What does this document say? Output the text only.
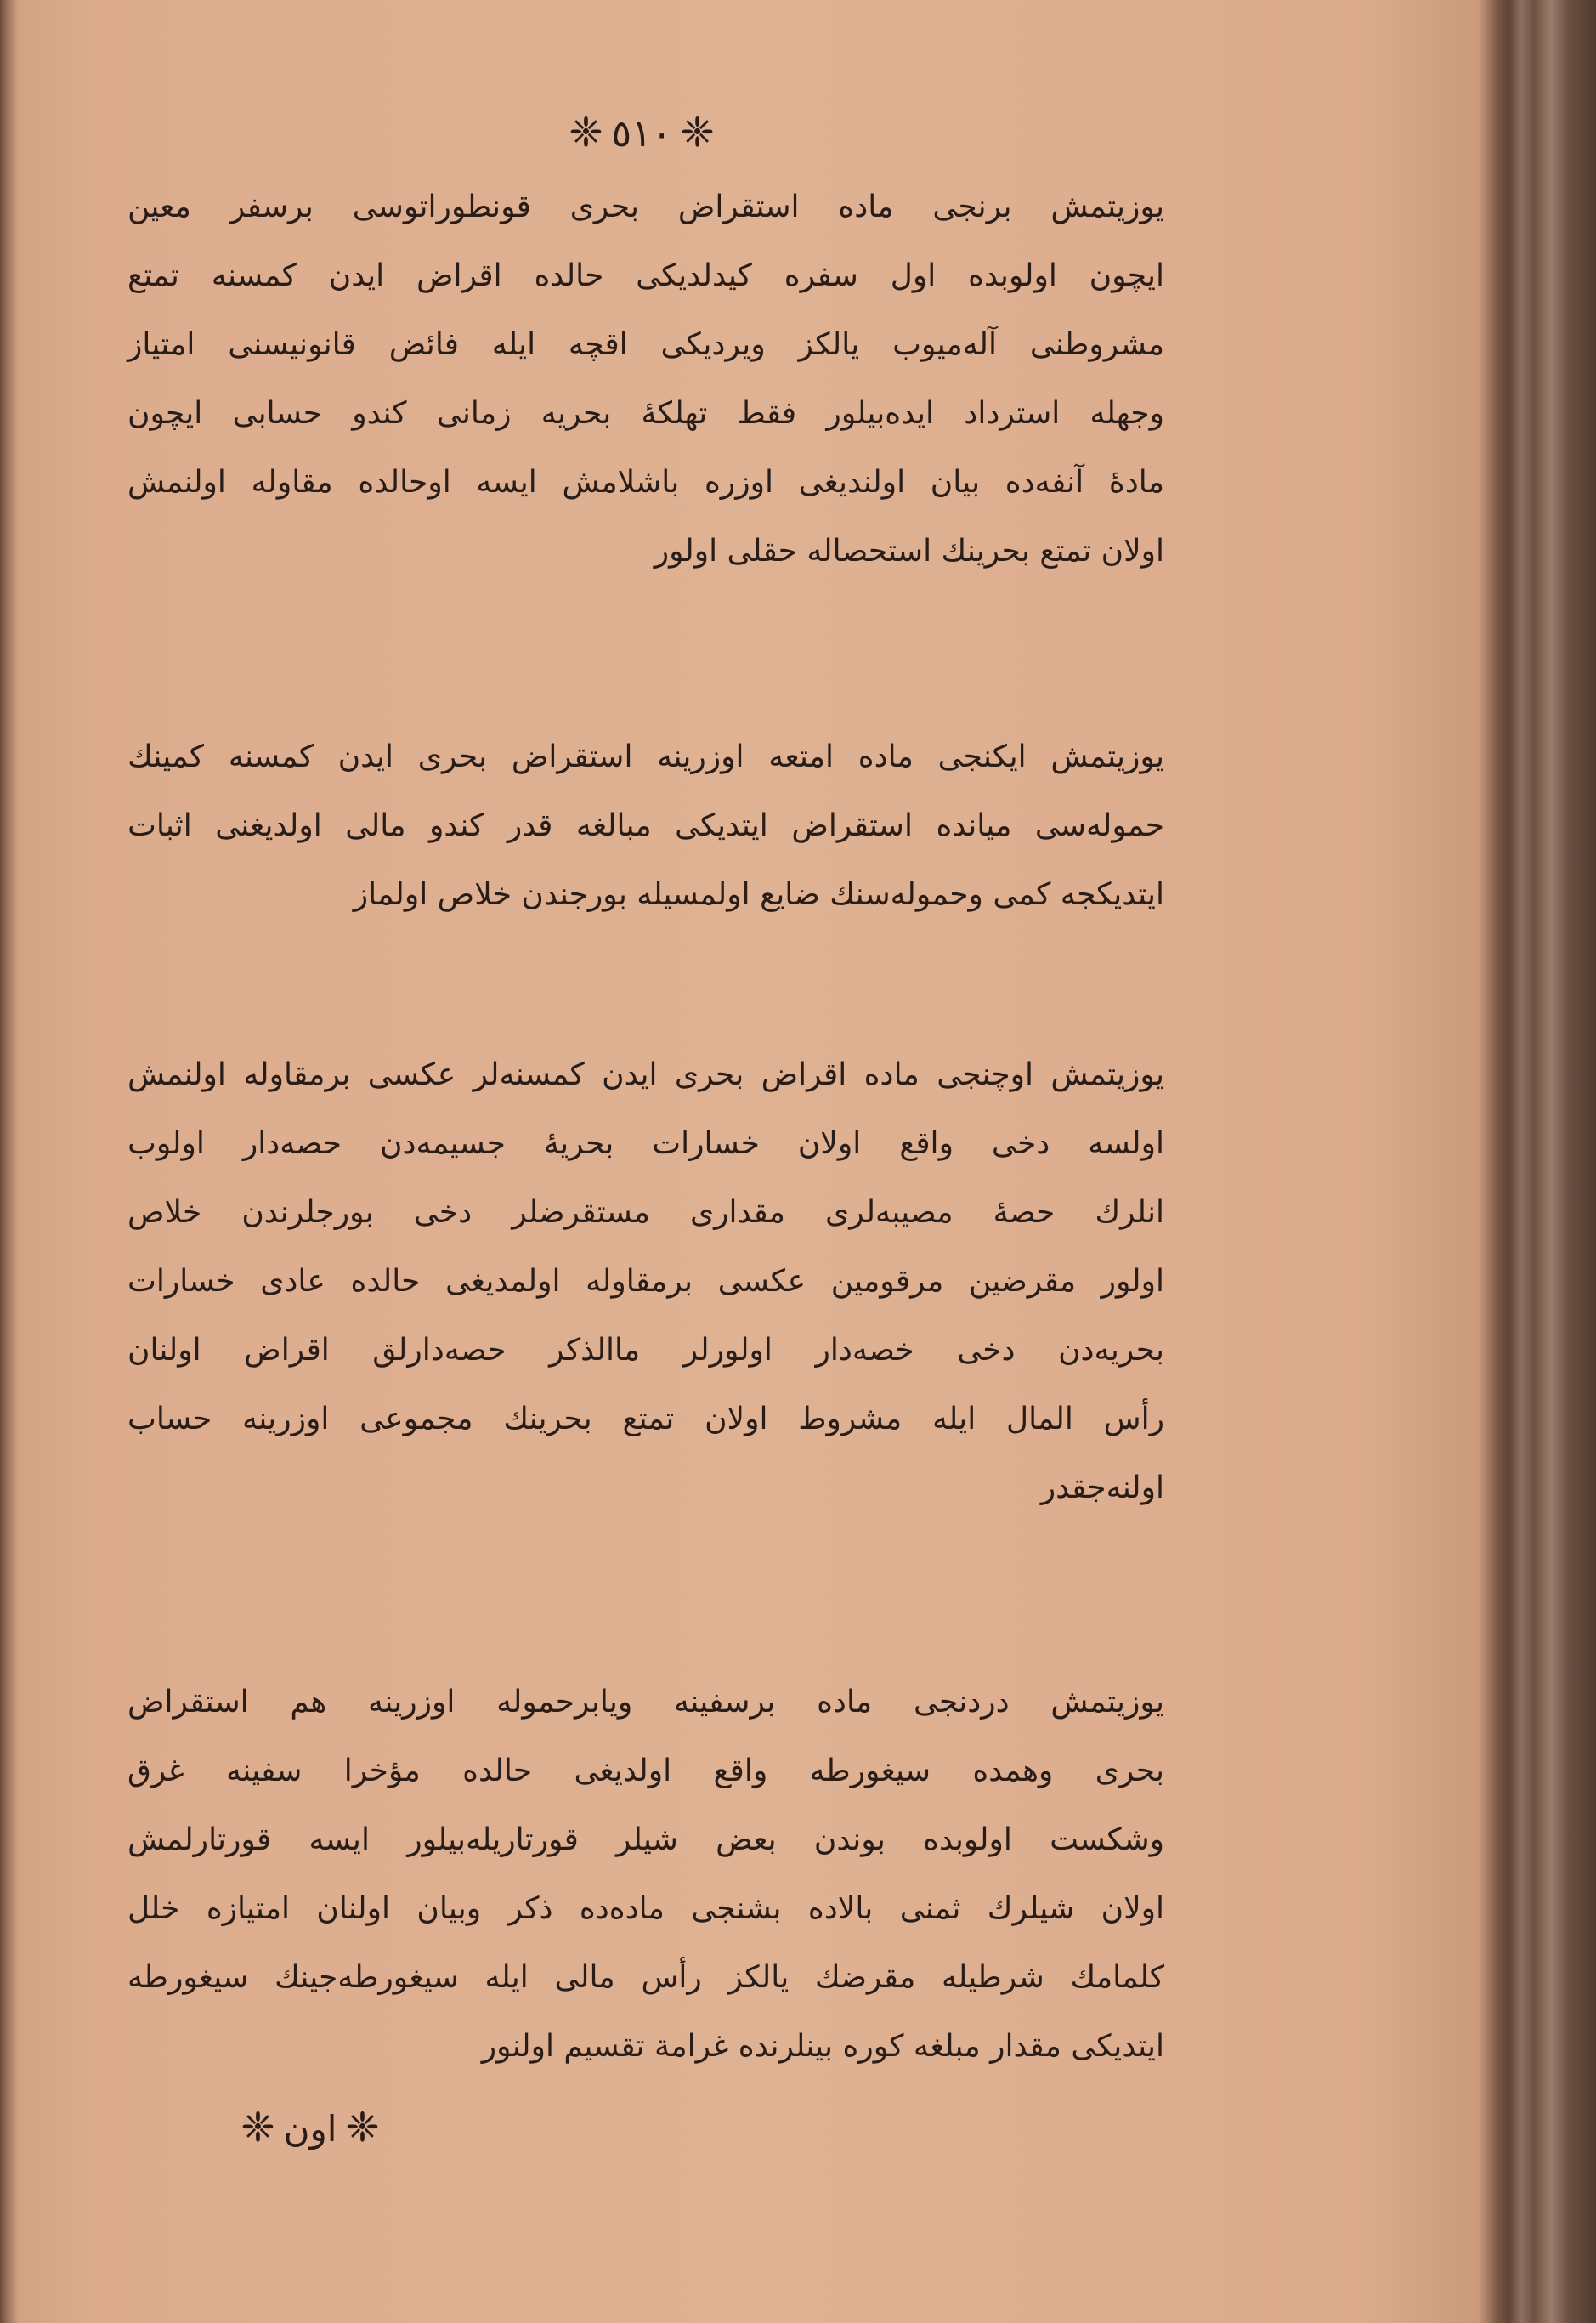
❈٥١٠❈
یوزیتمش برنجی ماده استقراض بحری قونطوراتوسی برسفر معین
ایچون اولوبده اول سفره کیدلدیکی حالده اقراض ایدن کمسنه تمتع
مشروطنی آله‌میوب یالکز ویردیکی اقچه ایله فائض قانونیسنی امتیاز
وجهله استرداد ایده‌بیلور فقط تهلکهٔ بحریه زمانی کندو حسابی ایچون
مادهٔ آنفه‌ده بیان اولندیغی اوزره باشلامش ایسه اوحالده مقاوله اولنمش
اولان تمتع بحرینك استحصاله حقلی اولور
یوزیتمش ایکنجی ماده امتعه اوزرینه استقراض بحری ایدن کمسنه کمینك
حموله‌سی میانده استقراض ایتدیکی مبالغه قدر کندو مالی اولدیغنی اثبات
ایتدیکجه کمی وحموله‌سنك ضایع اولمسیله بورجندن خلاص اولماز
یوزیتمش اوچنجی ماده اقراض بحری ایدن کمسنه‌لر عکسی برمقاوله اولنمش
اولسه دخی واقع اولان خسارات بحریهٔ جسیمه‌دن حصه‌دار اولوب
انلرك حصهٔ مصیبه‌لری مقداری مستقرضلر دخی بورجلرندن خلاص
اولور مقرضین مرقومین عکسی برمقاوله اولمدیغی حالده عادی خسارات
بحریه‌دن دخی خصه‌دار اولورلر ماالذکر حصه‌دارلق اقراض اولنان
رأس المال ایله مشروط اولان تمتع بحرینك مجموعی اوزرینه حساب
اولنه‌جقدر
یوزیتمش دردنجی ماده برسفینه ویابرحموله اوزرینه هم استقراض
بحری وهمده سیغورطه واقع اولدیغی حالده مؤخرا سفینه غرق
وشکست اولوبده بوندن بعض شیلر قورتاریله‌بیلور ایسه قورتارلمش
اولان شیلرك ثمنی بالاده بشنجی ماده‌ده ذکر وبیان اولنان امتیازه خلل
کلمامك شرطیله مقرضك یالکز رأس مالی ایله سیغورطه‌جینك سیغورطه
ایتدیکی مقدار مبلغه کوره بینلرنده غرامة تقسیم اولنور
❈اون❈
